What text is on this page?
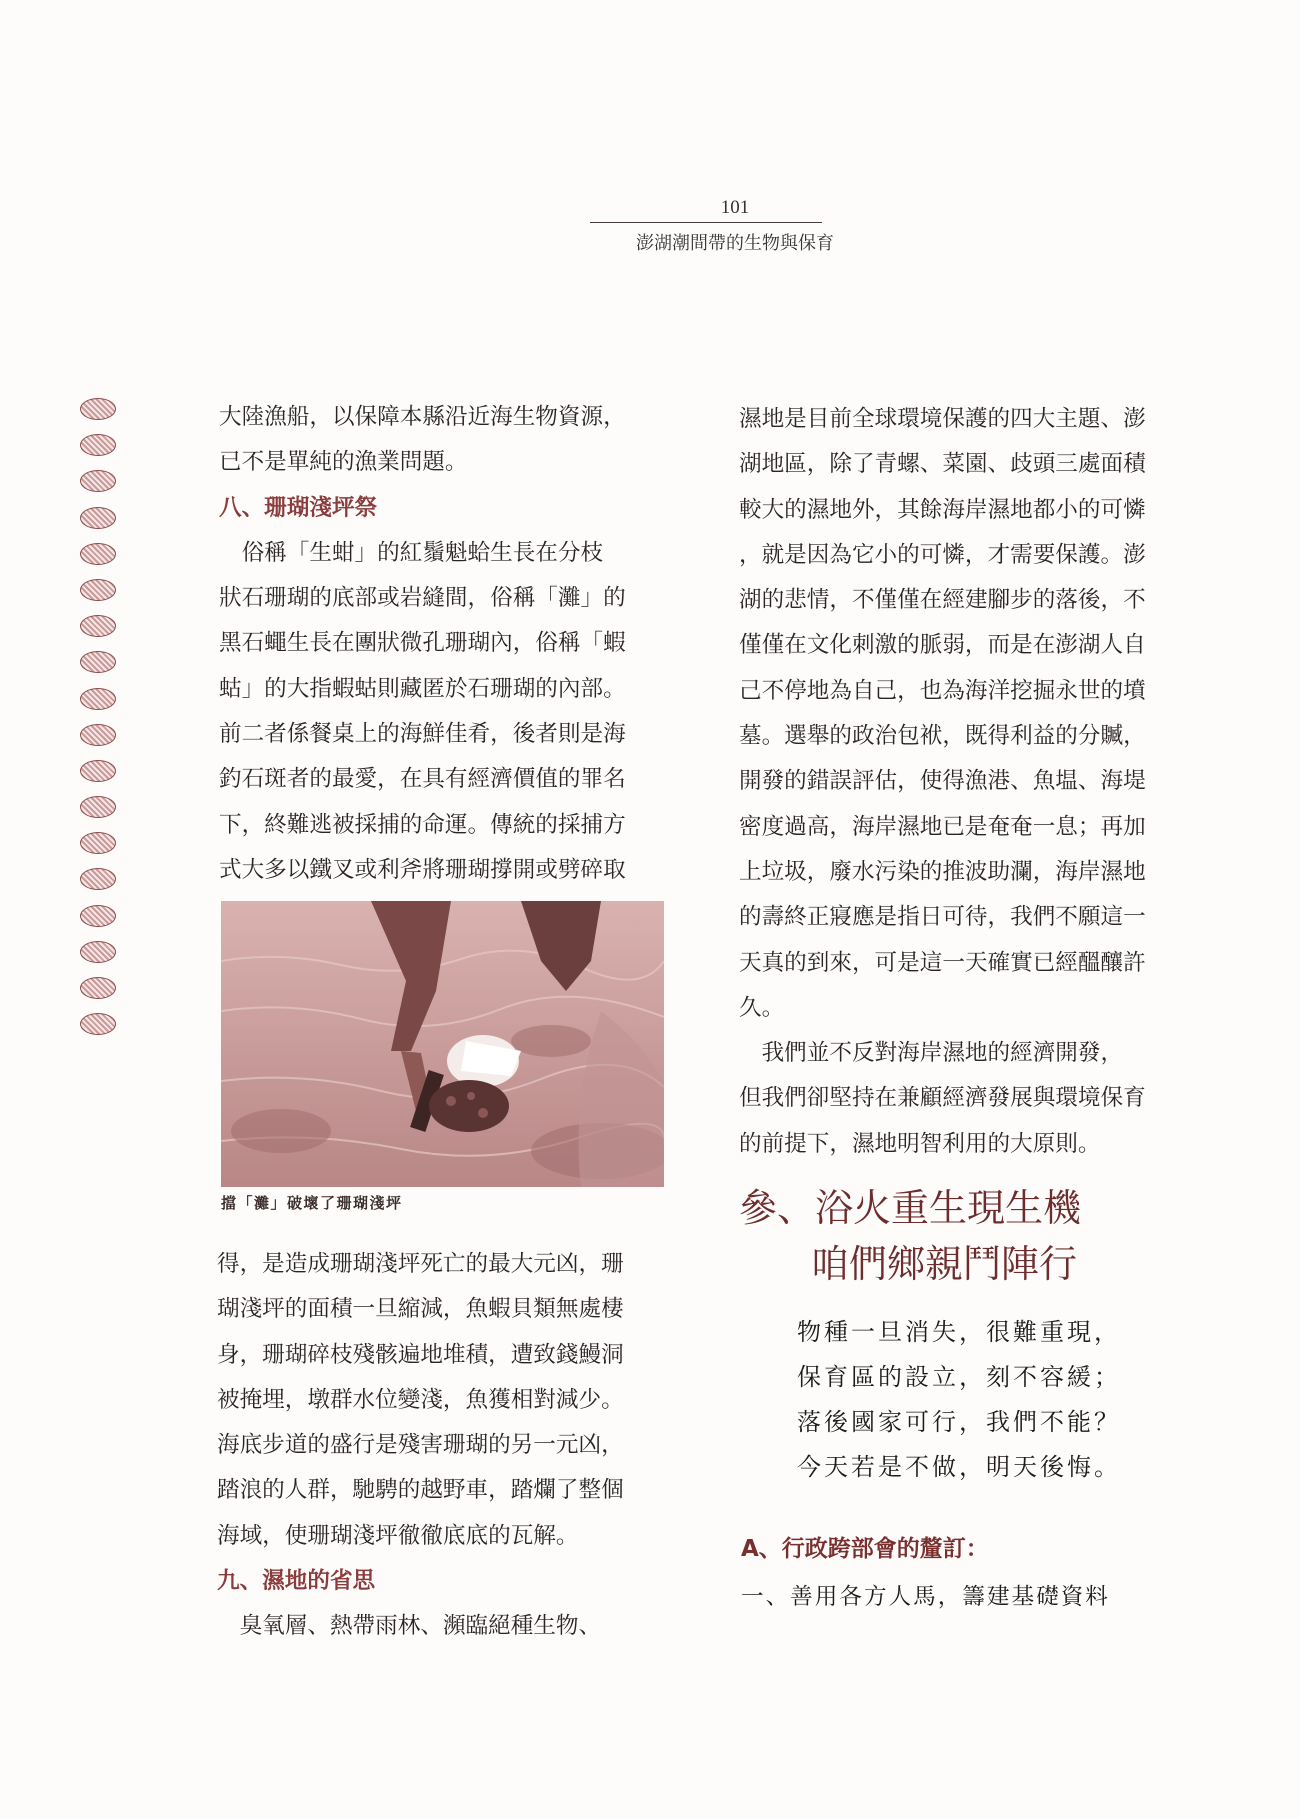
101
澎湖潮間帶的生物與保育

大陸漁船，以保障本縣沿近海生物資源，

已不是單純的漁業問題。

八、珊瑚淺坪祭

　俗稱「生蚶」的紅鬚魁蛤生長在分枝

狀石珊瑚的底部或岩縫間，俗稱「灘」的

黑石蠅生長在團狀微孔珊瑚內，俗稱「蝦

蛄」的大指蝦蛄則藏匿於石珊瑚的內部。

前二者係餐桌上的海鮮佳肴，後者則是海

釣石斑者的最愛，在具有經濟價值的罪名

下，終難逃被採捕的命運。傳統的採捕方

式大多以鐵叉或利斧將珊瑚撐開或劈碎取

擋「灘」破壞了珊瑚淺坪

得，是造成珊瑚淺坪死亡的最大元凶，珊

瑚淺坪的面積一旦縮減，魚蝦貝類無處棲

身，珊瑚碎枝殘骸遍地堆積，遭致錢鰻洞

被掩埋，墩群水位變淺，魚獲相對減少。

海底步道的盛行是殘害珊瑚的另一元凶，

踏浪的人群，馳騁的越野車，踏爛了整個

海域，使珊瑚淺坪徹徹底底的瓦解。

九、濕地的省思

　臭氧層、熱帶雨林、瀕臨絕種生物、

濕地是目前全球環境保護的四大主題、澎

湖地區，除了青螺、菜園、歧頭三處面積

較大的濕地外，其餘海岸濕地都小的可憐

，就是因為它小的可憐，才需要保護。澎

湖的悲情，不僅僅在經建腳步的落後，不

僅僅在文化刺激的脈弱，而是在澎湖人自

己不停地為自己，也為海洋挖掘永世的墳

墓。選舉的政治包袱，既得利益的分贓，

開發的錯誤評估，使得漁港、魚塭、海堤

密度過高，海岸濕地已是奄奄一息；再加

上垃圾，廢水污染的推波助瀾，海岸濕地

的壽終正寢應是指日可待，我們不願這一

天真的到來，可是這一天確實已經醞釀許

久。

　我們並不反對海岸濕地的經濟開發，

但我們卻堅持在兼顧經濟發展與環境保育

的前提下，濕地明智利用的大原則。

參、浴火重生現生機
咱們鄉親鬥陣行

物種一旦消失，很難重現，

保育區的設立，刻不容緩；

落後國家可行，我們不能？

今天若是不做，明天後悔。

A、行政跨部會的釐訂：
一、善用各方人馬，籌建基礎資料
